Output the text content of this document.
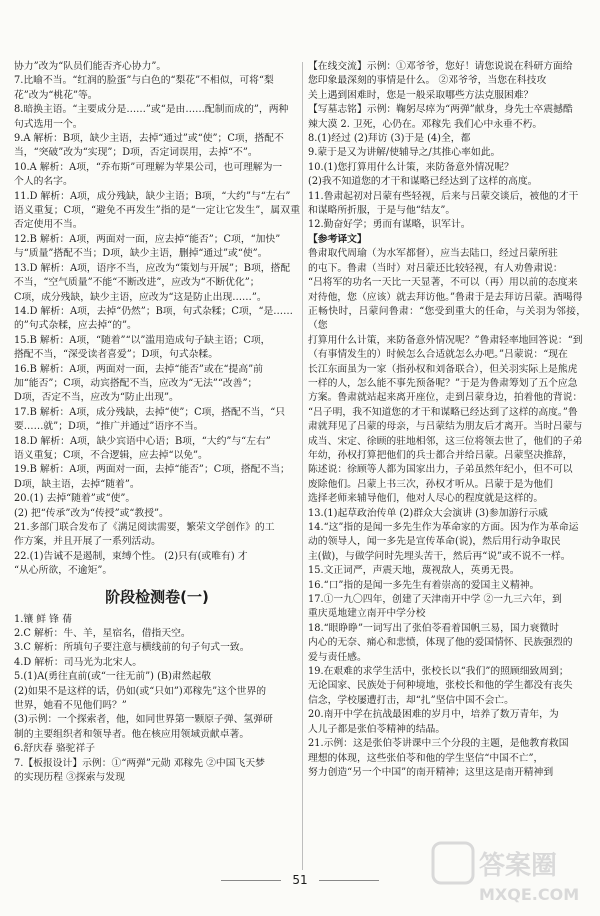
协力”改为“队员们能否齐心协力”。

7.比喻不当。“红润的脸蛋”与白色的“梨花”不相似，可将“梨

花”改为“桃花”等。

8.暗换主语。“主要成分是……”或“是由……配制而成的”，两种

句式选用一个。

9.A 解析：B项，缺少主语，去掉“通过”或“使”；C项，搭配不

当，“突破”改为“实现”；D项，否定词误用，去掉“不”。

10.A 解析：A项，“乔布斯”可理解为苹果公司，也可理解为一

个人的名字。

11.D 解析：A项，成分残缺，缺少主语；B项，“大约”与“左右”

语义重复；C项，“避免不再发生”指的是“一定让它发生”，属双重否定使用不当。

12.B 解析：A项，两面对一面，应去掉“能否”；C项，“加快”

与“质量”搭配不当；D项，缺少主语，删掉“通过”或“使”。

13.D 解析：A项，语序不当，应改为“策划与开展”；B项，搭配

不当，“空气质量”不能“不断改进”，应改为“不断优化”；

C项，成分残缺，缺少主语，应改为“这是防止出现……”。

14.D 解析：A项，去掉“仍然”；B项，句式杂糅；C项，“是……

的”句式杂糅，应去掉“的”。

15.B 解析：A项，“随着”“以”滥用造成句子缺主语；C项，

搭配不当，“深受读者喜爱”；D项，句式杂糅。

16.B 解析：A项，两面对一面，去掉“能否”或在“提高”前

加“能否”；C项，动宾搭配不当，应改为“无法”“改善”；

D项，否定不当，应改为“防止出现”。

17.B 解析：A项，成分残缺，去掉“使”；C项，搭配不当，“只

要……就”；D项，“推广并通过”语序不当。

18.D 解析：A项，缺少宾语中心语；B项，“大约”与“左右”

语义重复；C项，不合逻辑，应去掉“以免”。

19.B 解析：A项，两面对一面，去掉“能否”；C项，搭配不当；

D项，缺主语，去掉“随着”。

20.(1) 去掉“随着”或“使”。

(2) 把“传承”改为“传授”或“教授”。

21.多部门联合发布了《满足阅读需要，繁荣文学创作》的工

作方案，并且开展了一系列活动。

22.(1)告诫不是遏制，束缚个性。 (2)只有(或唯有) 才

“从心所欲，不逾矩”。

阶段检测卷(一)

1.镶 鲜 锋 蒨

2.C 解析：牛、羊，星宿名，借指天空。

3.C 解析：所填句子要注意与横线前的句子句式一致。

4.D 解析：司马光为北宋人。

5.(1)A(勇往直前(或“一往无前”) (B)肃然起敬

(2)如果不是这样的话，仍如(或“只如”)邓稼先”这个世界的

世界，她看不见他们吗？”

(3)示例：一个探索者，他，如同世界第一颗原子弹、氢弹研

制的主要组织者和领导者。他在核应用领域贡献卓著。

6.舒庆春 骆驼祥子

7.【板报设计】示例：①“两弹”元勋 邓稼先 ②中国飞天梦

的实现历程 ③探索与发现

【在线交流】示例：①邓爷爷，您好！请您说说在科研方面给

您印象最深刻的事情是什么。 ②邓爷爷，当您在科技攻

关上遇到困难时，您是一般采取哪些方法克服困难？

【写墓志铭】示例：鞠躬尽瘁为“两弹”献身，身先士卒震撼酷

辣大漠 2. 卫死，心仍在。邓稼先 我们心中永垂不朽。

8.(1)经过 (2)拜访 (3)于是 (4)全，都

9.蒙于是又为讲解/使辅导之/其推心率如此。

10.(1)您打算用什么计策，来防备意外情况呢？

(2)我不知道您的才干和谋略已经达到了这样的高度。

11.鲁肃起初对吕蒙有些轻视，后来与吕蒙交谈后，被他的才干

和谋略所折服，于是与他“结友”。

12.勤奋好学；勇而有谋略，识军计。

【参考译文】

鲁肃取代周瑜（为水军都督），应当去陆口，经过吕蒙所驻

的屯下。鲁肃（当时）对吕蒙还比较轻视，有人劝鲁肃说：

“吕将军的功名一天比一天显著，不可以（再）用以前的态度来

对待他，您（应该）就去拜访他。”鲁肃于是去拜访吕蒙。酒喝得

正畅快时，吕蒙问鲁肃：“您受到重大的任命，与关羽为邻接，（您

打算用什么计策，来防备意外情况呢？”鲁肃轻率地回答说：“到

（有事情发生的）时候怎么合适就怎么办吧。”吕蒙说：“现在

长江东面虽为一家（指孙权和刘备联合），但关羽实际上是熊虎

一样的人，怎么能不事先预备呢？”于是为鲁肃筹划了五个应急

方案。鲁肃就站起来离开座位，走到吕蒙身边，拍着他的背说：

“吕子明，我不知道您的才干和谋略已经达到了这样的高度。”鲁

肃就拜见了吕蒙的母亲，与吕蒙结为朋友后才离开。当时吕蒙与

成当、宋定、徐顾的驻地相邻，这三位将领去世了，他们的子弟

年幼，孙权打算把他们的兵士都合并给吕蒙。吕蒙坚决推辞，

陈述说：徐顾等人都为国家出力，子弟虽然年纪小，但不可以

废除他们。吕蒙上书三次，孙权才听从。吕蒙于是为他们

选择老师来辅导他们，他对人尽心的程度就是这样的。

13.(1)起草政治传单 (2)群众大会演讲 (3)参加游行示威

14.“这”指的是闻一多先生作为革命家的方面。因为作为革命运

动的领导人，闻一多先是宣传革命(说)，然后用行动争取民

主(做)，与做学问时先埋头苦干，然后再“说”或不说不一样。

15.文正词严，声震天地，蔑视敌人，英勇无畏。

16.“口”指的是闻一多先生有着崇高的爱国主义精神。

17.①一九〇四年，创建了天津南开中学 ②一九三六年，到

重庆觅地建立南开中学分校

18.“眼睁睁”一词写出了张伯苓看着国帆三易，国力衰微时

内心的无奈、痛心和悲愤，体现了他的爱国情怀、民族强烈的

爱与责任感。

19.在艰难的求学生活中，张校长以“我们”的照顾细致周到；

无论国家、民族处于何种境地，张校长和他的学生都没有丧失

信念，学校屡遭打击，却“扎”坚信中国不会亡。

20.南开中学在抗战最困难的岁月中，培养了数万青年，为

人儿子都是张伯苓精神的结晶。

21.示例：这是张伯苓讲课中三个分段的主题，是他教育救国

理想的体现，这些张伯苓和他的学生坚信“中国不亡”，

努力创造“另一个中国”的南开精神；这里这是南开精神到

51	答案圈
MXQE.COM
